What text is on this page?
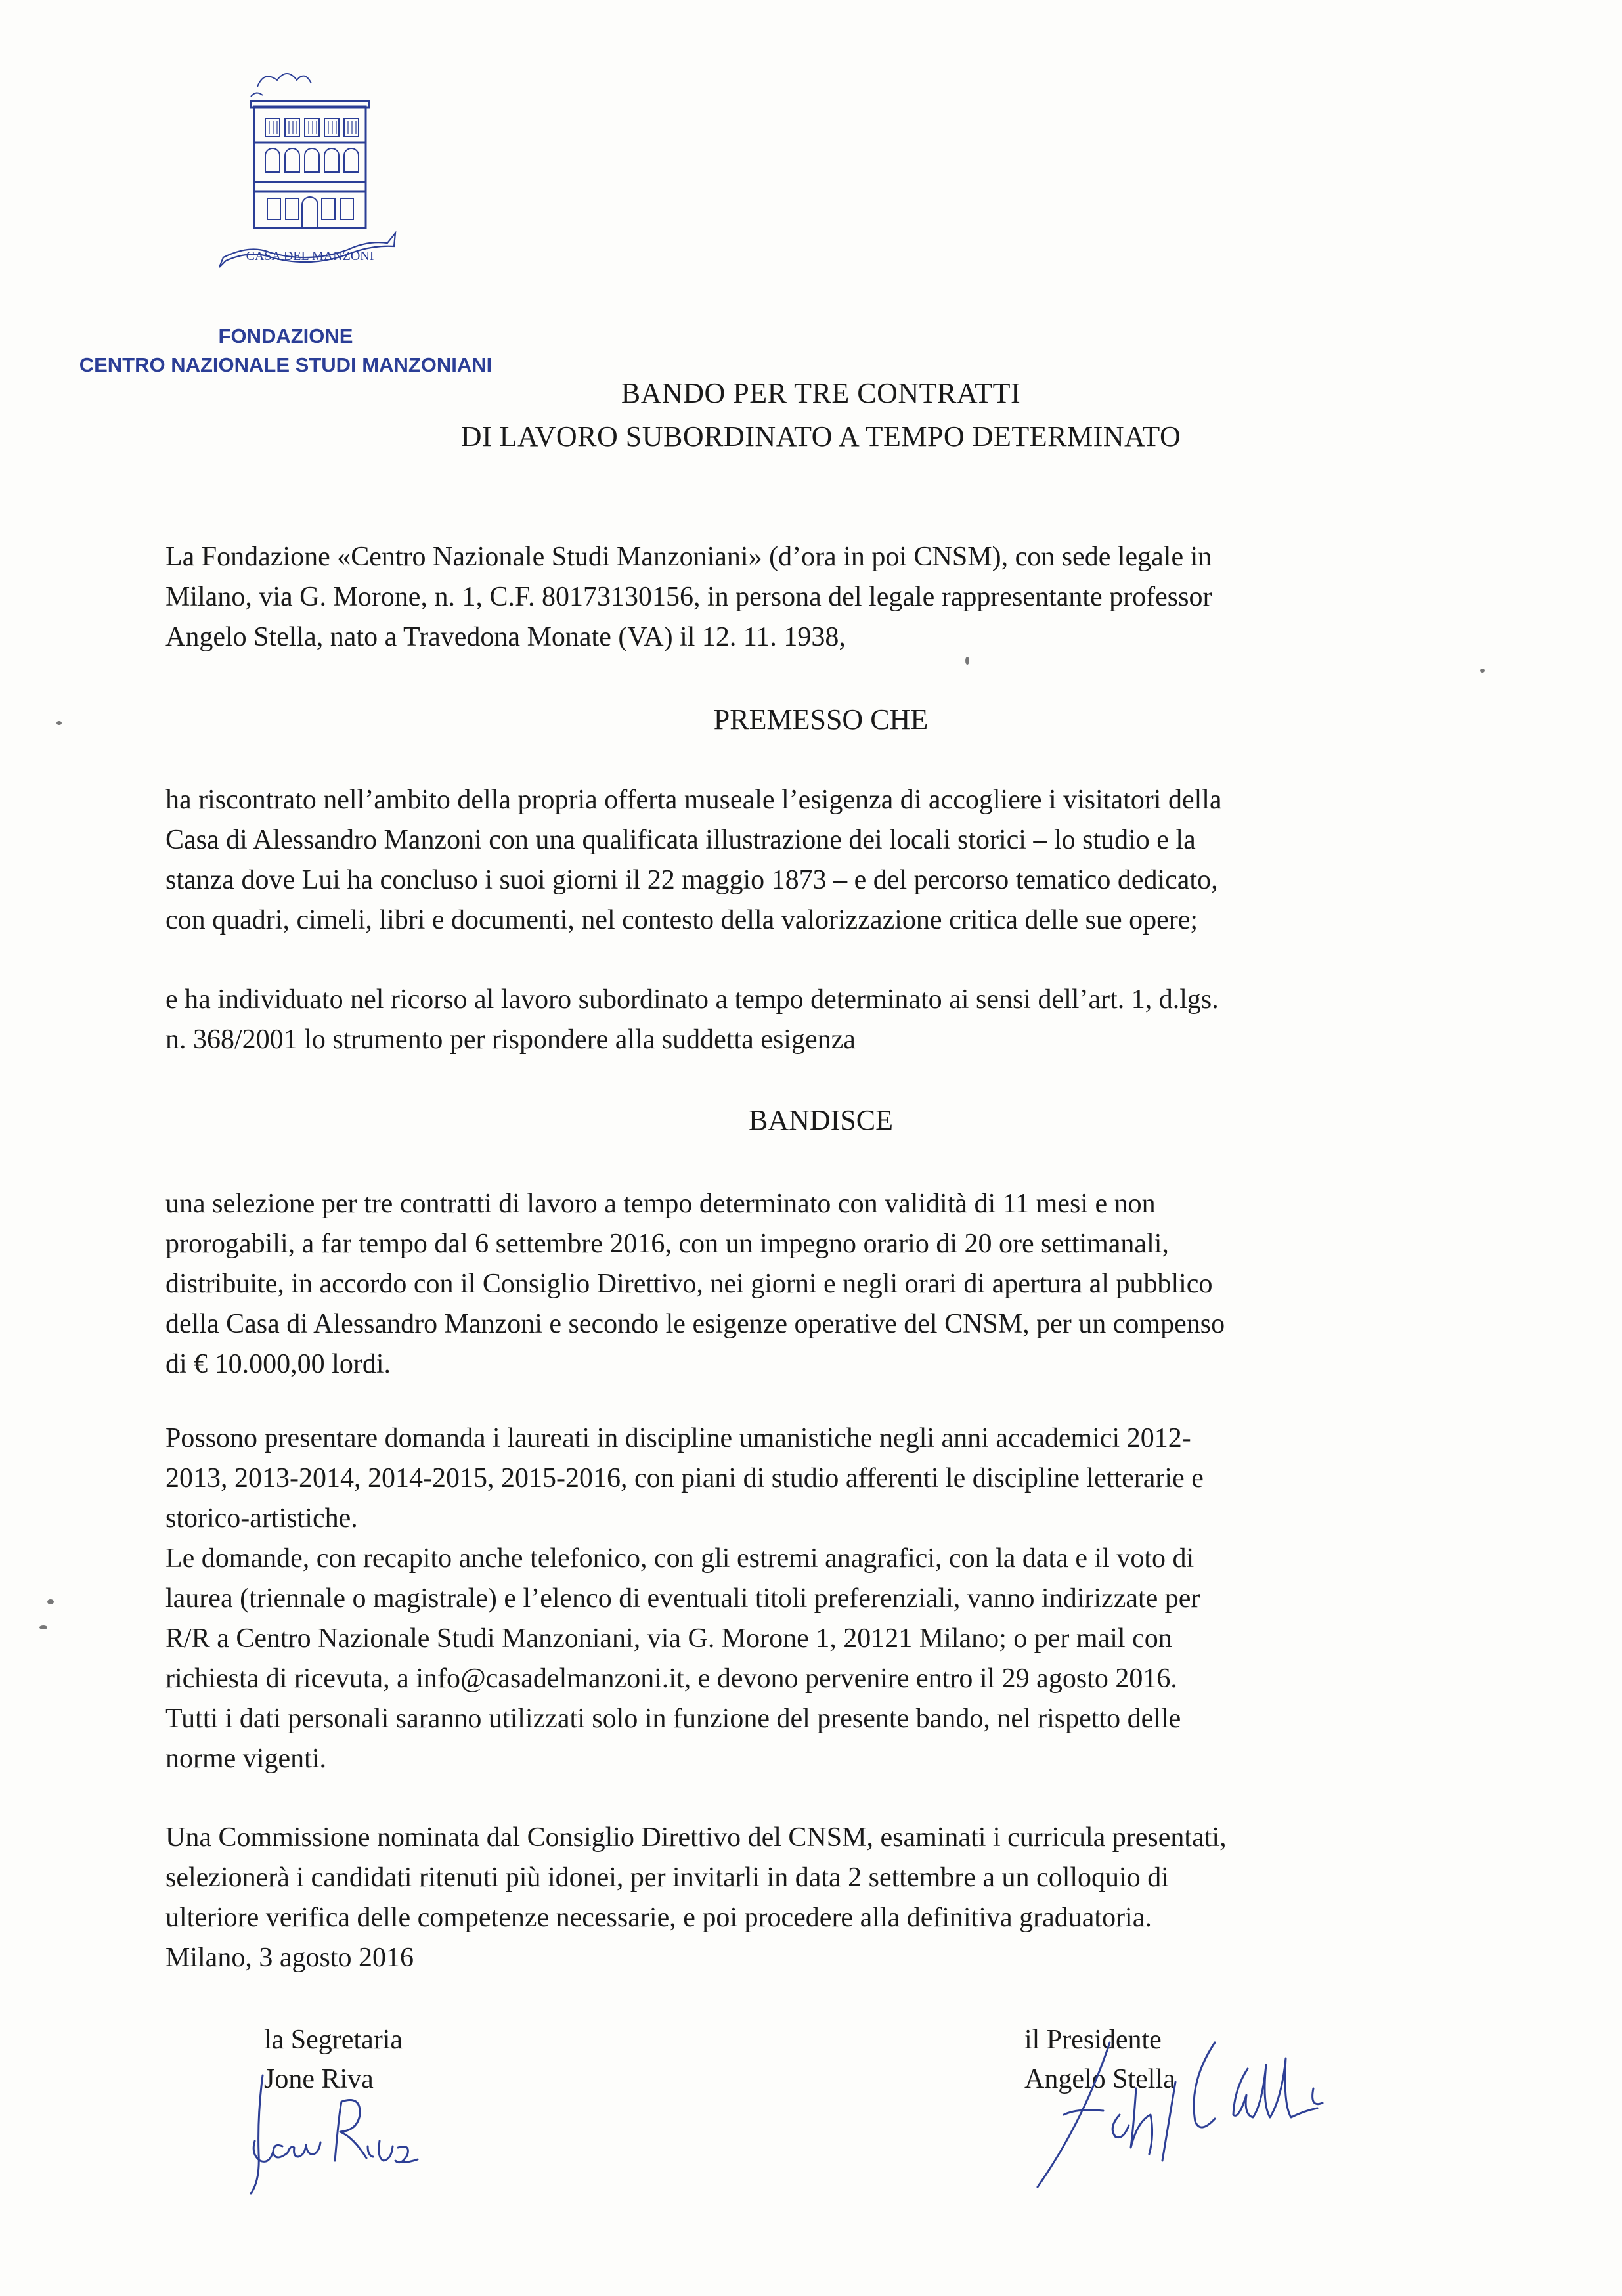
CASA DEL MANZONI
FONDAZIONE
CENTRO NAZIONALE STUDI MANZONIANI
BANDO PER TRE CONTRATTI
DI LAVORO SUBORDINATO A TEMPO DETERMINATO
La Fondazione «Centro Nazionale Studi Manzoniani» (d’ora in poi CNSM), con sede legale in
Milano, via G. Morone, n. 1, C.F. 80173130156, in persona del legale rappresentante professor
Angelo Stella, nato a Travedona Monate (VA) il 12. 11. 1938,
PREMESSO CHE
ha riscontrato nell’ambito della propria offerta museale l’esigenza di accogliere i visitatori della
Casa di Alessandro Manzoni con una qualificata illustrazione dei locali storici – lo studio e la
stanza dove Lui ha concluso i suoi giorni il 22 maggio 1873 – e del percorso tematico dedicato,
con quadri, cimeli, libri e documenti, nel contesto della valorizzazione critica delle sue opere;
e ha individuato nel ricorso al lavoro subordinato a tempo determinato ai sensi dell’art. 1, d.lgs.
n. 368/2001 lo strumento per rispondere alla suddetta esigenza
BANDISCE
una selezione per tre contratti di lavoro a tempo determinato con validità di 11 mesi e non
prorogabili, a far tempo dal 6 settembre 2016, con un impegno orario di 20 ore settimanali,
distribuite, in accordo con il Consiglio Direttivo, nei giorni e negli orari di apertura al pubblico
della Casa di Alessandro Manzoni e secondo le esigenze operative del CNSM, per un compenso
di € 10.000,00 lordi.
Possono presentare domanda i laureati in discipline umanistiche negli anni accademici 2012-
2013, 2013-2014, 2014-2015, 2015-2016, con piani di studio afferenti le discipline letterarie e
storico-artistiche.
Le domande, con recapito anche telefonico, con gli estremi anagrafici, con la data e il voto di
laurea (triennale o magistrale) e l’elenco di eventuali titoli preferenziali, vanno indirizzate per
R/R a Centro Nazionale Studi Manzoniani, via G. Morone 1, 20121 Milano; o per mail con
richiesta di ricevuta, a info@casadelmanzoni.it, e devono pervenire entro il 29 agosto 2016.
Tutti i dati personali saranno utilizzati solo in funzione del presente bando, nel rispetto delle
norme vigenti.
Una Commissione nominata dal Consiglio Direttivo del CNSM, esaminati i curricula presentati,
selezionerà i candidati ritenuti più idonei, per invitarli in data 2 settembre a un colloquio di
ulteriore verifica delle competenze necessarie, e poi procedere alla definitiva graduatoria.
Milano, 3 agosto 2016
la Segretaria
Jone Riva
il Presidente
Angelo Stella
